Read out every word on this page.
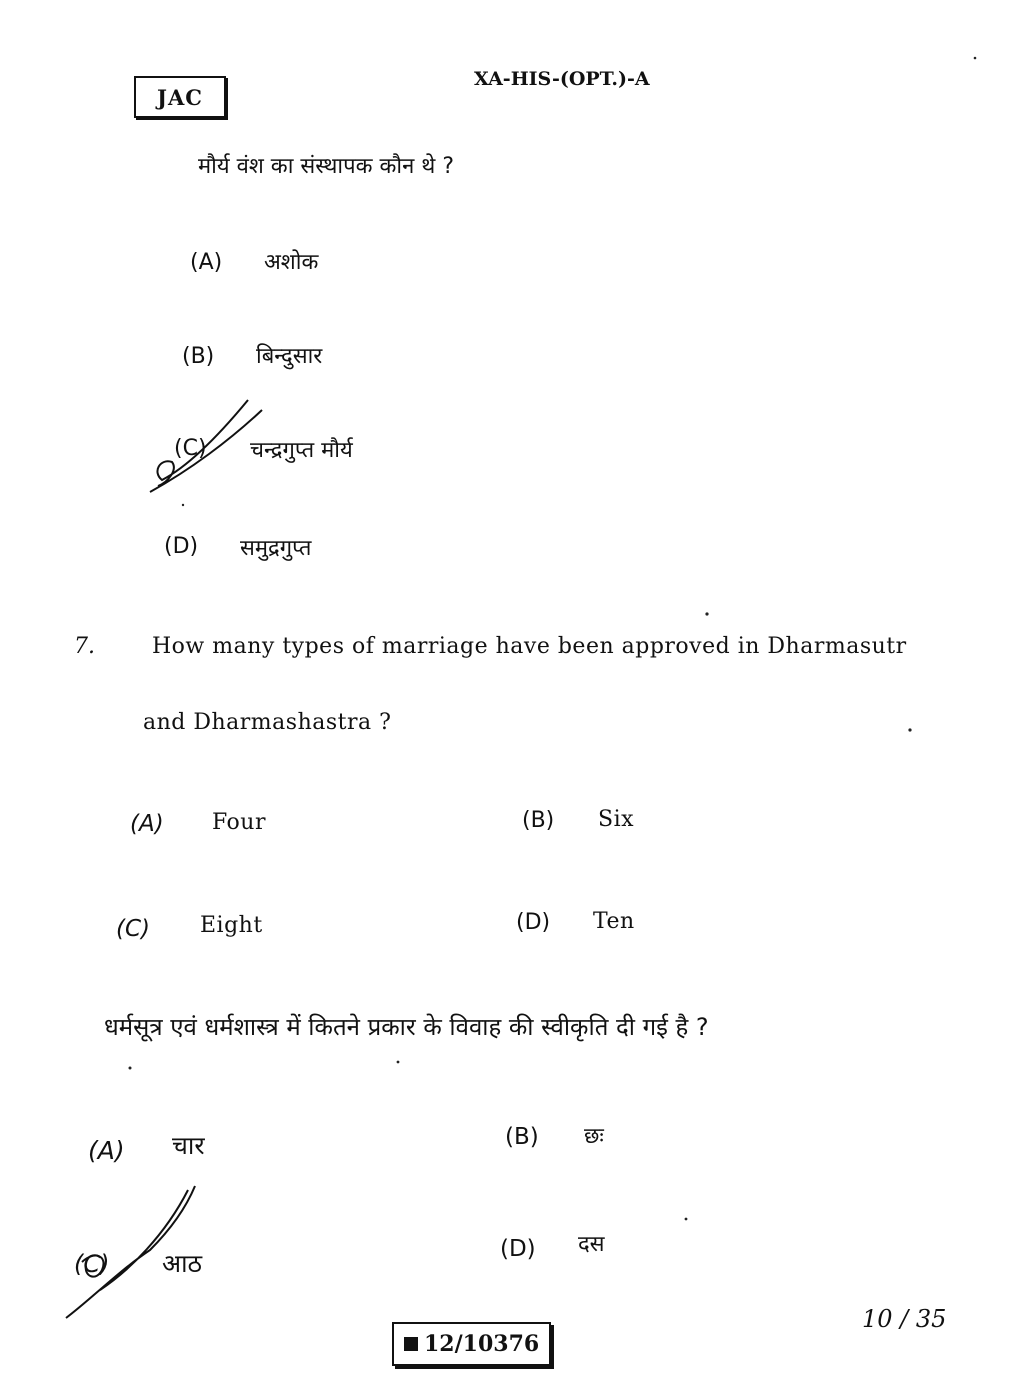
JAC
XA-HIS-(OPT.)-A
मौर्य वंश का संस्थापक कौन थे ?
(A) अशोक
(B) बिन्दुसार
(C) चन्द्रगुप्त मौर्य
(D) समुद्रगुप्त
7.	How many types of marriage have been approved in Dharmasutr
and Dharmashastra ?
(A) Four	(B) Six
(C) Eight	(D) Ten
धर्मसूत्र एवं धर्मशास्त्र में कितने प्रकार के विवाह की स्वीकृति दी गई है ?
(A) चार	(B) छः
(C) आठ	(D) दस
12/10376
10 / 35
